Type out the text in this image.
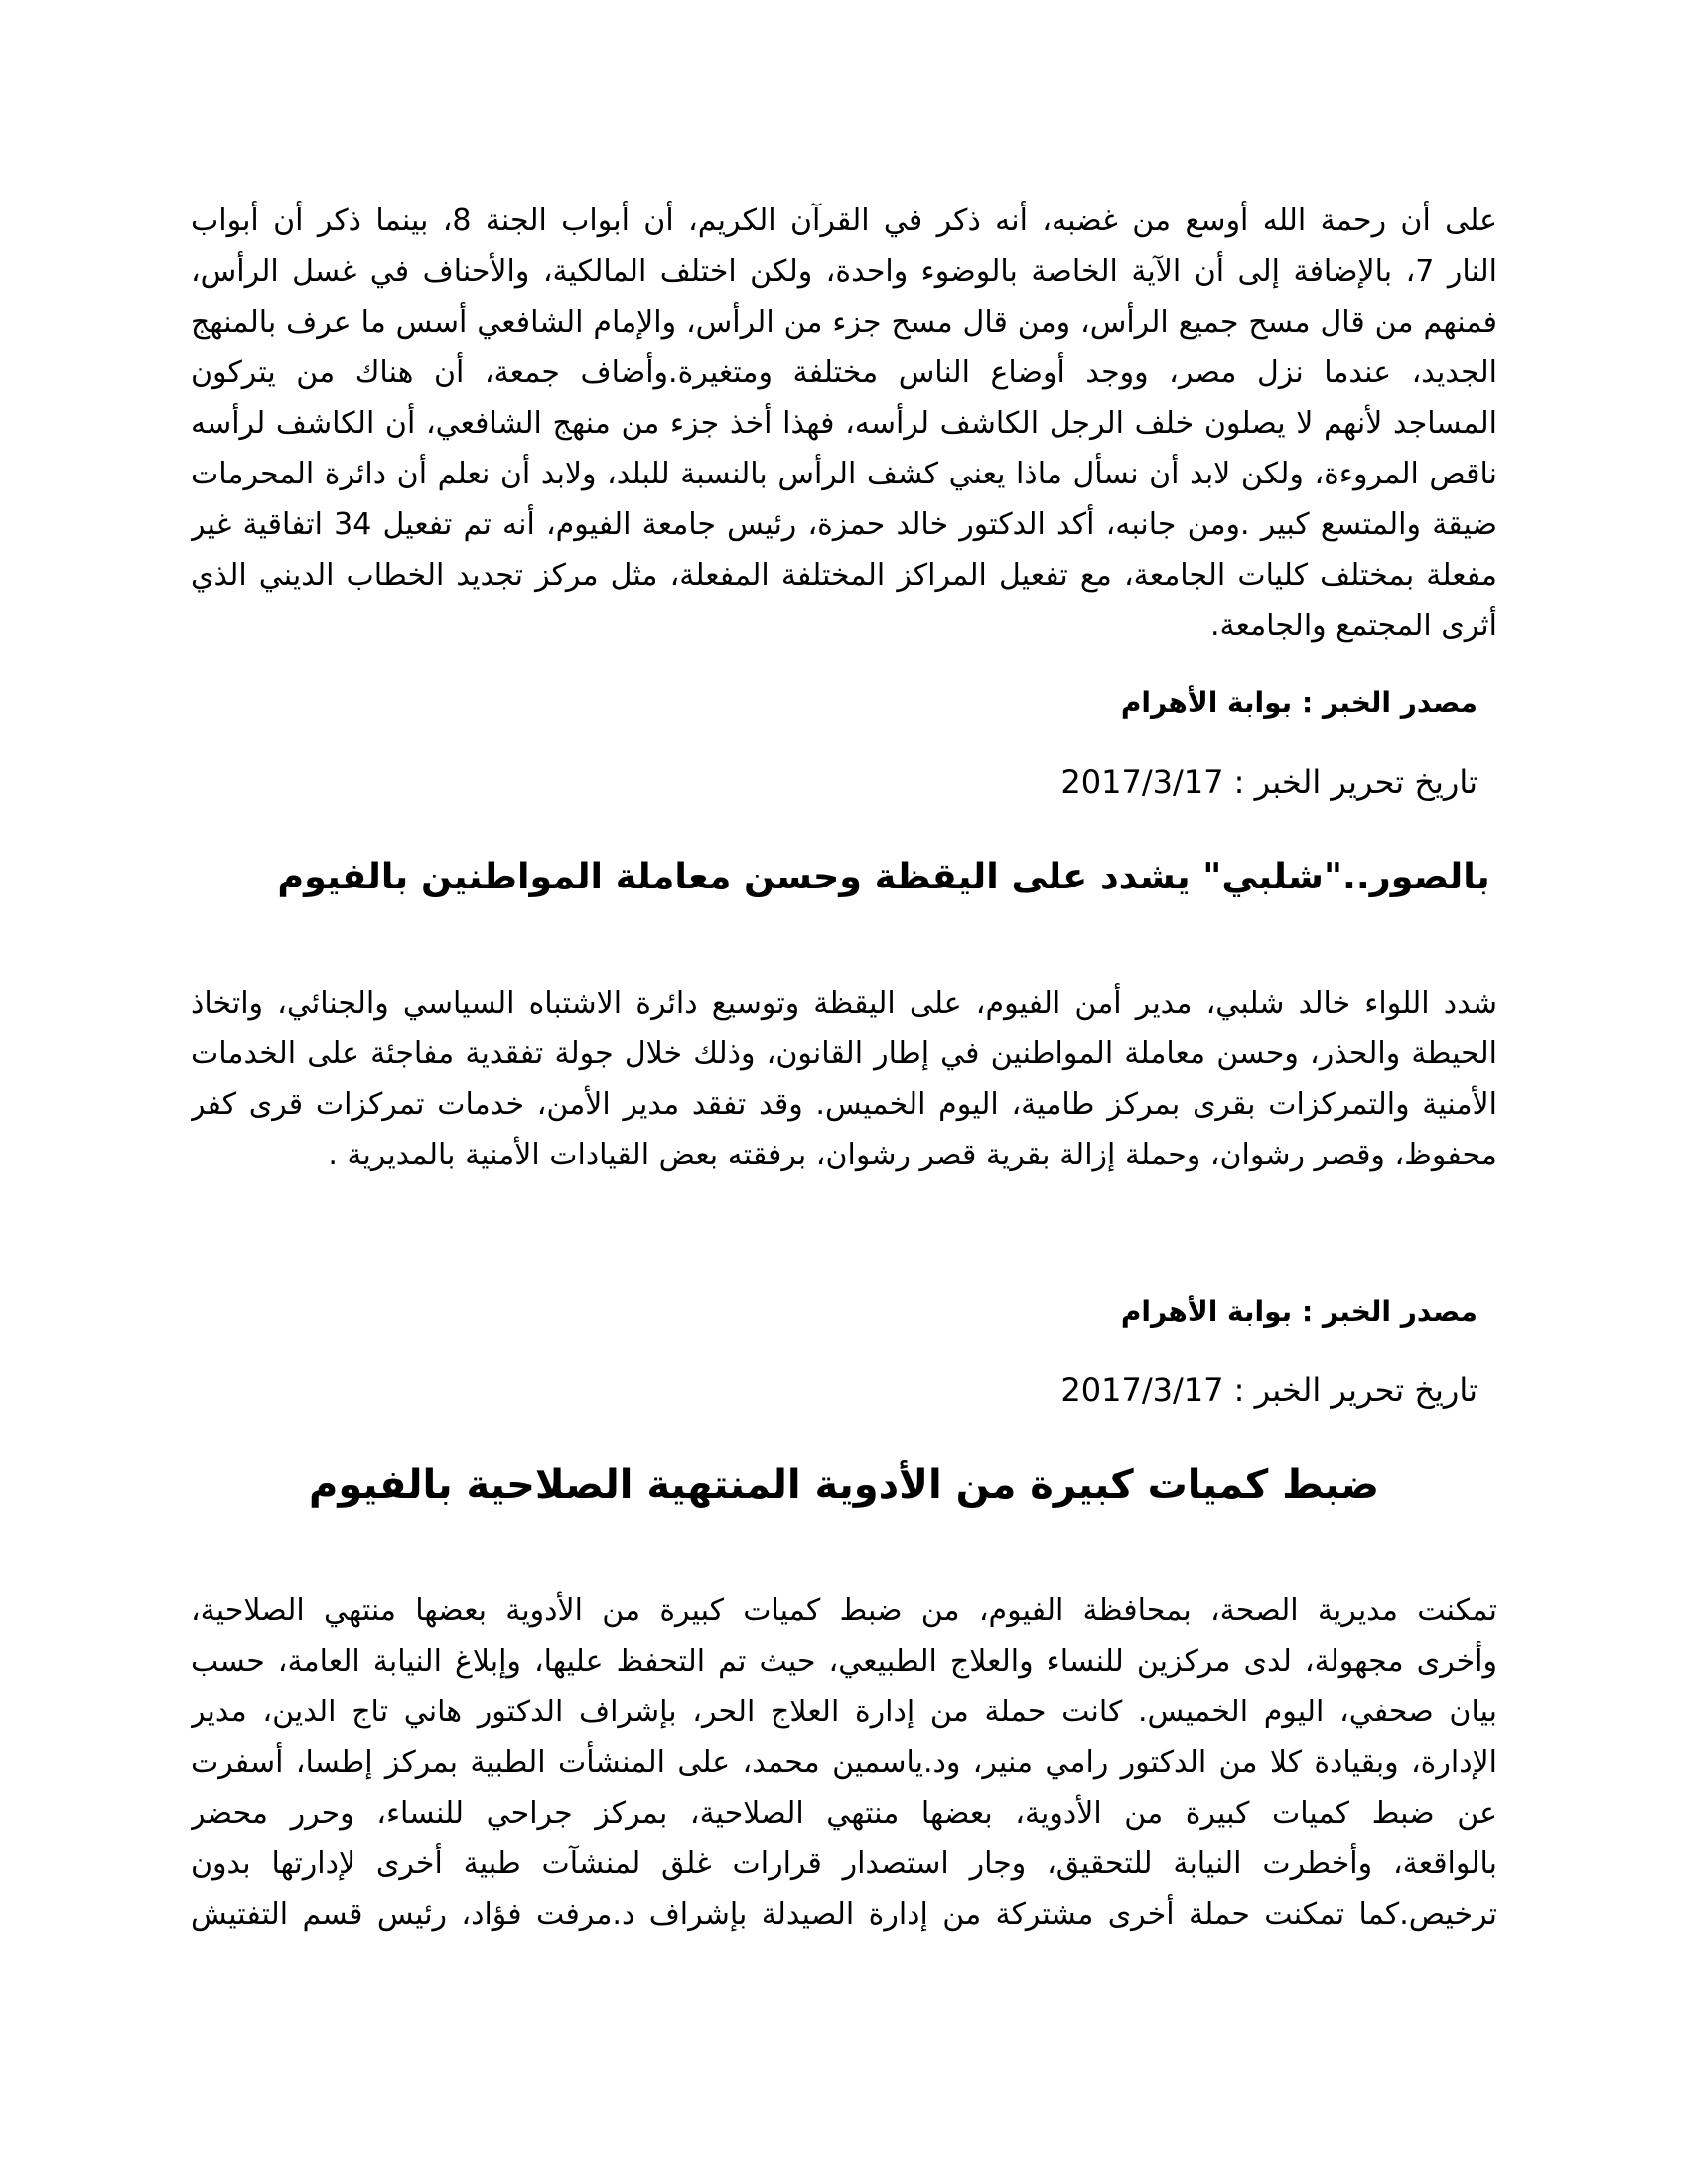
على أن رحمة الله أوسع من غضبه، أنه ذكر في القرآن الكريم، أن أبواب الجنة 8، بينما ذكر أن أبواب
النار 7، بالإضافة إلى أن الآية الخاصة بالوضوء واحدة، ولكن اختلف المالكية، والأحناف في غسل الرأس،
فمنهم من قال مسح جميع الرأس، ومن قال مسح جزء من الرأس، والإمام الشافعي أسس ما عرف بالمنهج
الجديد، عندما نزل مصر، ووجد أوضاع الناس مختلفة ومتغيرة.وأضاف جمعة، أن هناك من يتركون
المساجد لأنهم لا يصلون خلف الرجل الكاشف لرأسه، فهذا أخذ جزء من منهج الشافعي، أن الكاشف لرأسه
ناقص المروءة، ولكن لابد أن نسأل ماذا يعني كشف الرأس بالنسبة للبلد، ولابد أن نعلم أن دائرة المحرمات
ضيقة والمتسع كبير .ومن جانبه، أكد الدكتور خالد حمزة، رئيس جامعة الفيوم، أنه تم تفعيل 34 اتفاقية غير
مفعلة بمختلف كليات الجامعة، مع تفعيل المراكز المختلفة المفعلة، مثل مركز تجديد الخطاب الديني الذي
أثرى المجتمع والجامعة.
مصدر الخبر : بوابة الأهرام
تاريخ تحرير الخبر : 2017/3/17
بالصور.."شلبي" يشدد على اليقظة وحسن معاملة المواطنين بالفيوم
شدد اللواء خالد شلبي، مدير أمن الفيوم، على اليقظة وتوسيع دائرة الاشتباه السياسي والجنائي، واتخاذ
الحيطة والحذر، وحسن معاملة المواطنين في إطار القانون، وذلك خلال جولة تفقدية مفاجئة على الخدمات
الأمنية والتمركزات بقرى بمركز طامية، اليوم الخميس. وقد تفقد مدير الأمن، خدمات تمركزات قرى كفر
محفوظ، وقصر رشوان، وحملة إزالة بقرية قصر رشوان، برفقته بعض القيادات الأمنية بالمديرية .
مصدر الخبر : بوابة الأهرام
تاريخ تحرير الخبر : 2017/3/17
ضبط كميات كبيرة من الأدوية المنتهية الصلاحية بالفيوم
تمكنت مديرية الصحة، بمحافظة الفيوم، من ضبط كميات كبيرة من الأدوية بعضها منتهي الصلاحية،
وأخرى مجهولة، لدى مركزين للنساء والعلاج الطبيعي، حيث تم التحفظ عليها، وإبلاغ النيابة العامة، حسب
بيان صحفي، اليوم الخميس. كانت حملة من إدارة العلاج الحر، بإشراف الدكتور هاني تاج الدين، مدير
الإدارة، وبقيادة كلا من الدكتور رامي منير، ود.ياسمين محمد، على المنشأت الطبية بمركز إطسا، أسفرت
عن ضبط كميات كبيرة من الأدوية، بعضها منتهي الصلاحية، بمركز جراحي للنساء، وحرر محضر
بالواقعة، وأخطرت النيابة للتحقيق، وجار استصدار قرارات غلق لمنشآت طبية أخرى لإدارتها بدون
ترخيص.كما تمكنت حملة أخرى مشتركة من إدارة الصيدلة بإشراف د.مرفت فؤاد، رئيس قسم التفتيش
